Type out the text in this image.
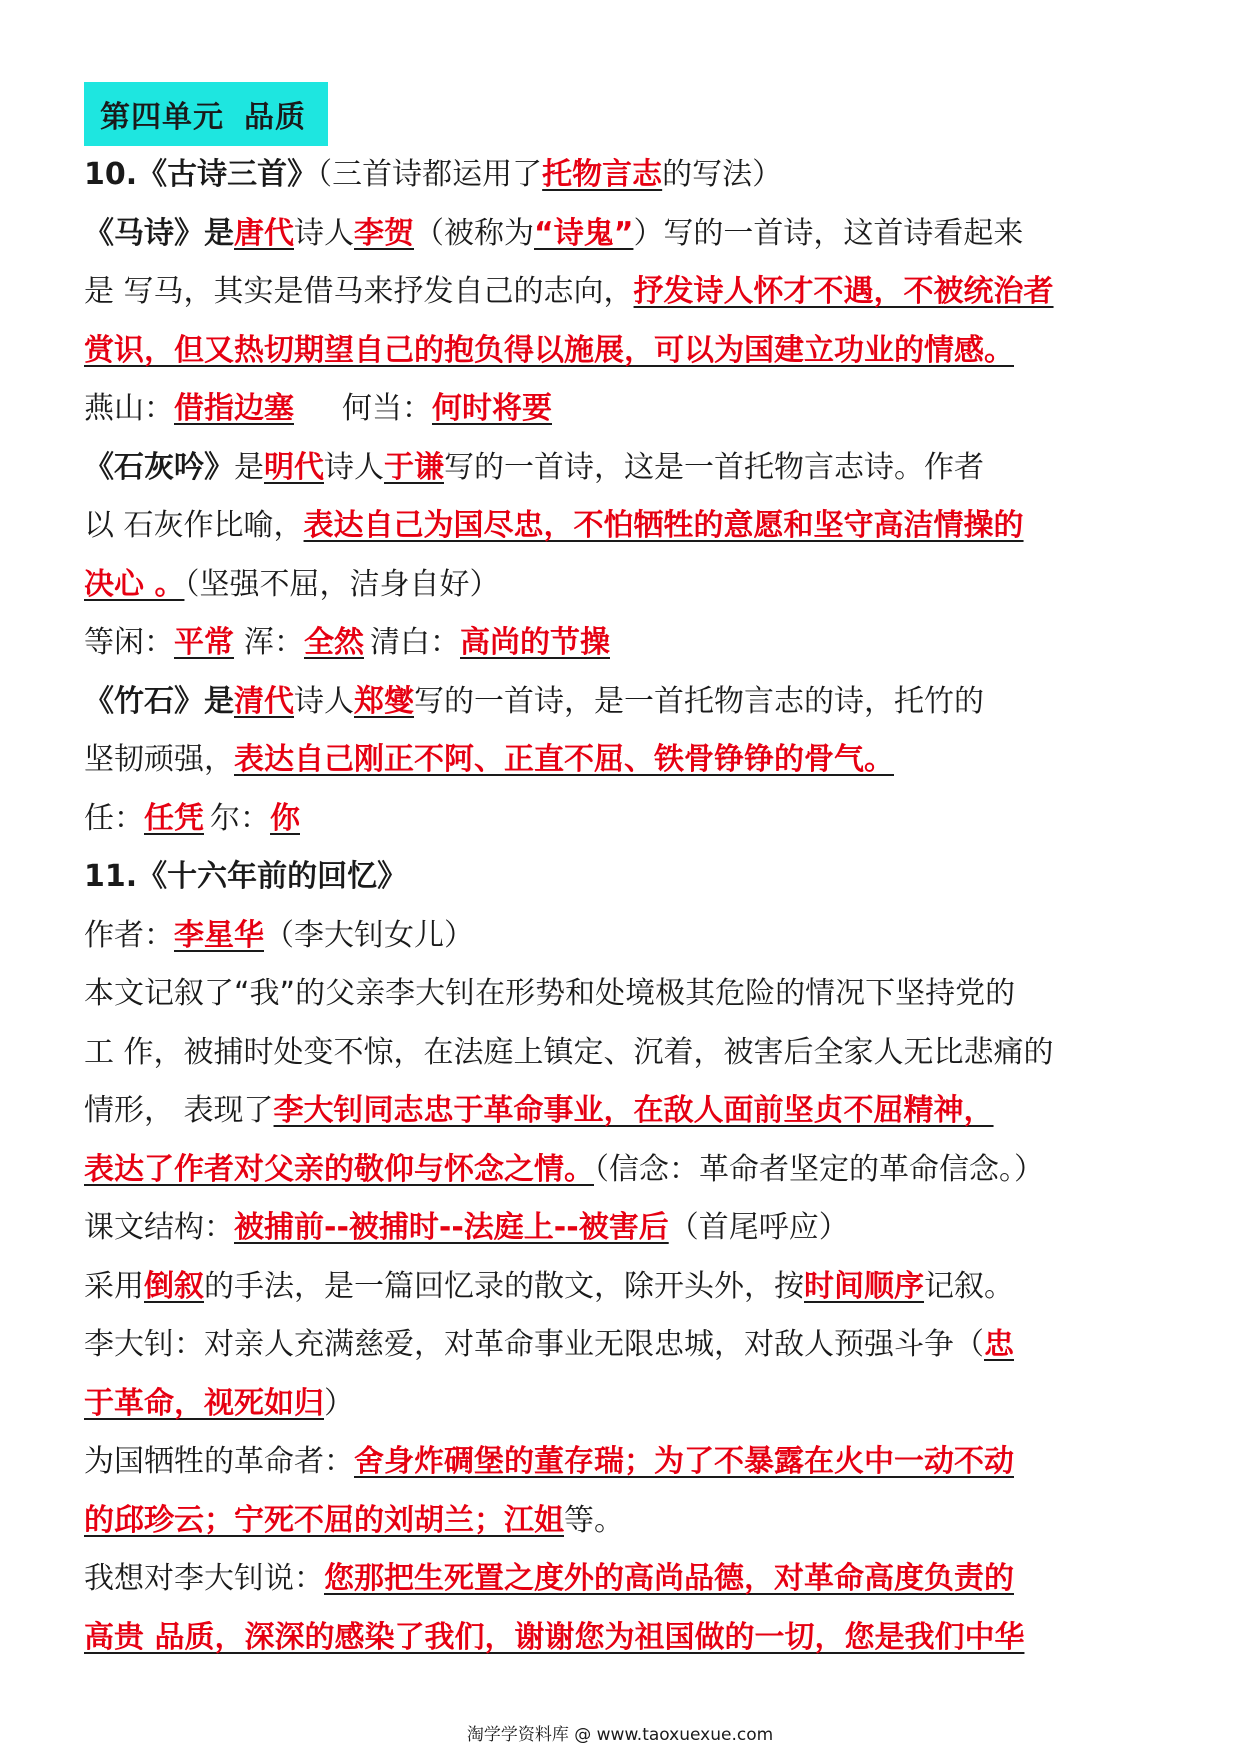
第四单元 品质
10.《古诗三首》（三首诗都运用了托物言志的写法）
《马诗》是唐代诗人李贺（被称为“诗鬼”）写的一首诗，这首诗看起来
是 写马，其实是借马来抒发自己的志向，抒发诗人怀才不遇，不被统治者
赏识，但又热切期望自己的抱负得以施展，可以为国建立功业的情感。
燕山：借指边塞 何当：何时将要
《石灰吟》是明代诗人于谦写的一首诗，这是一首托物言志诗。作者
以 石灰作比喻，表达自己为国尽忠，不怕牺牲的意愿和坚守高洁情操的
决心 。（坚强不屈，洁身自好）
等闲：平常 浑：全然 清白：高尚的节操
《竹石》是清代诗人郑燮写的一首诗，是一首托物言志的诗，托竹的
坚韧顽强，表达自己刚正不阿、正直不屈、铁骨铮铮的骨气。
任：任凭 尔：你
11.《十六年前的回忆》
作者：李星华（李大钊女儿）
本文记叙了“我”的父亲李大钊在形势和处境极其危险的情况下坚持党的
工 作，被捕时处变不惊，在法庭上镇定、沉着，被害后全家人无比悲痛的
情形， 表现了李大钊同志忠于革命事业，在敌人面前坚贞不屈精神，
表达了作者对父亲的敬仰与怀念之情。（信念：革命者坚定的革命信念。）
课文结构：被捕前--被捕时--法庭上--被害后（首尾呼应）
采用倒叙的手法，是一篇回忆录的散文，除开头外，按时间顺序记叙。
李大钊：对亲人充满慈爱，对革命事业无限忠城，对敌人预强斗争（忠
于革命，视死如归）
为国牺牲的革命者：舍身炸碉堡的董存瑞；为了不暴露在火中一动不动
的邱珍云；宁死不屈的刘胡兰；江姐等。
我想对李大钊说：您那把生死置之度外的高尚品德，对革命高度负责的
高贵 品质，深深的感染了我们，谢谢您为祖国做的一切，您是我们中华
淘学学资料库 @ www.taoxuexue.com
